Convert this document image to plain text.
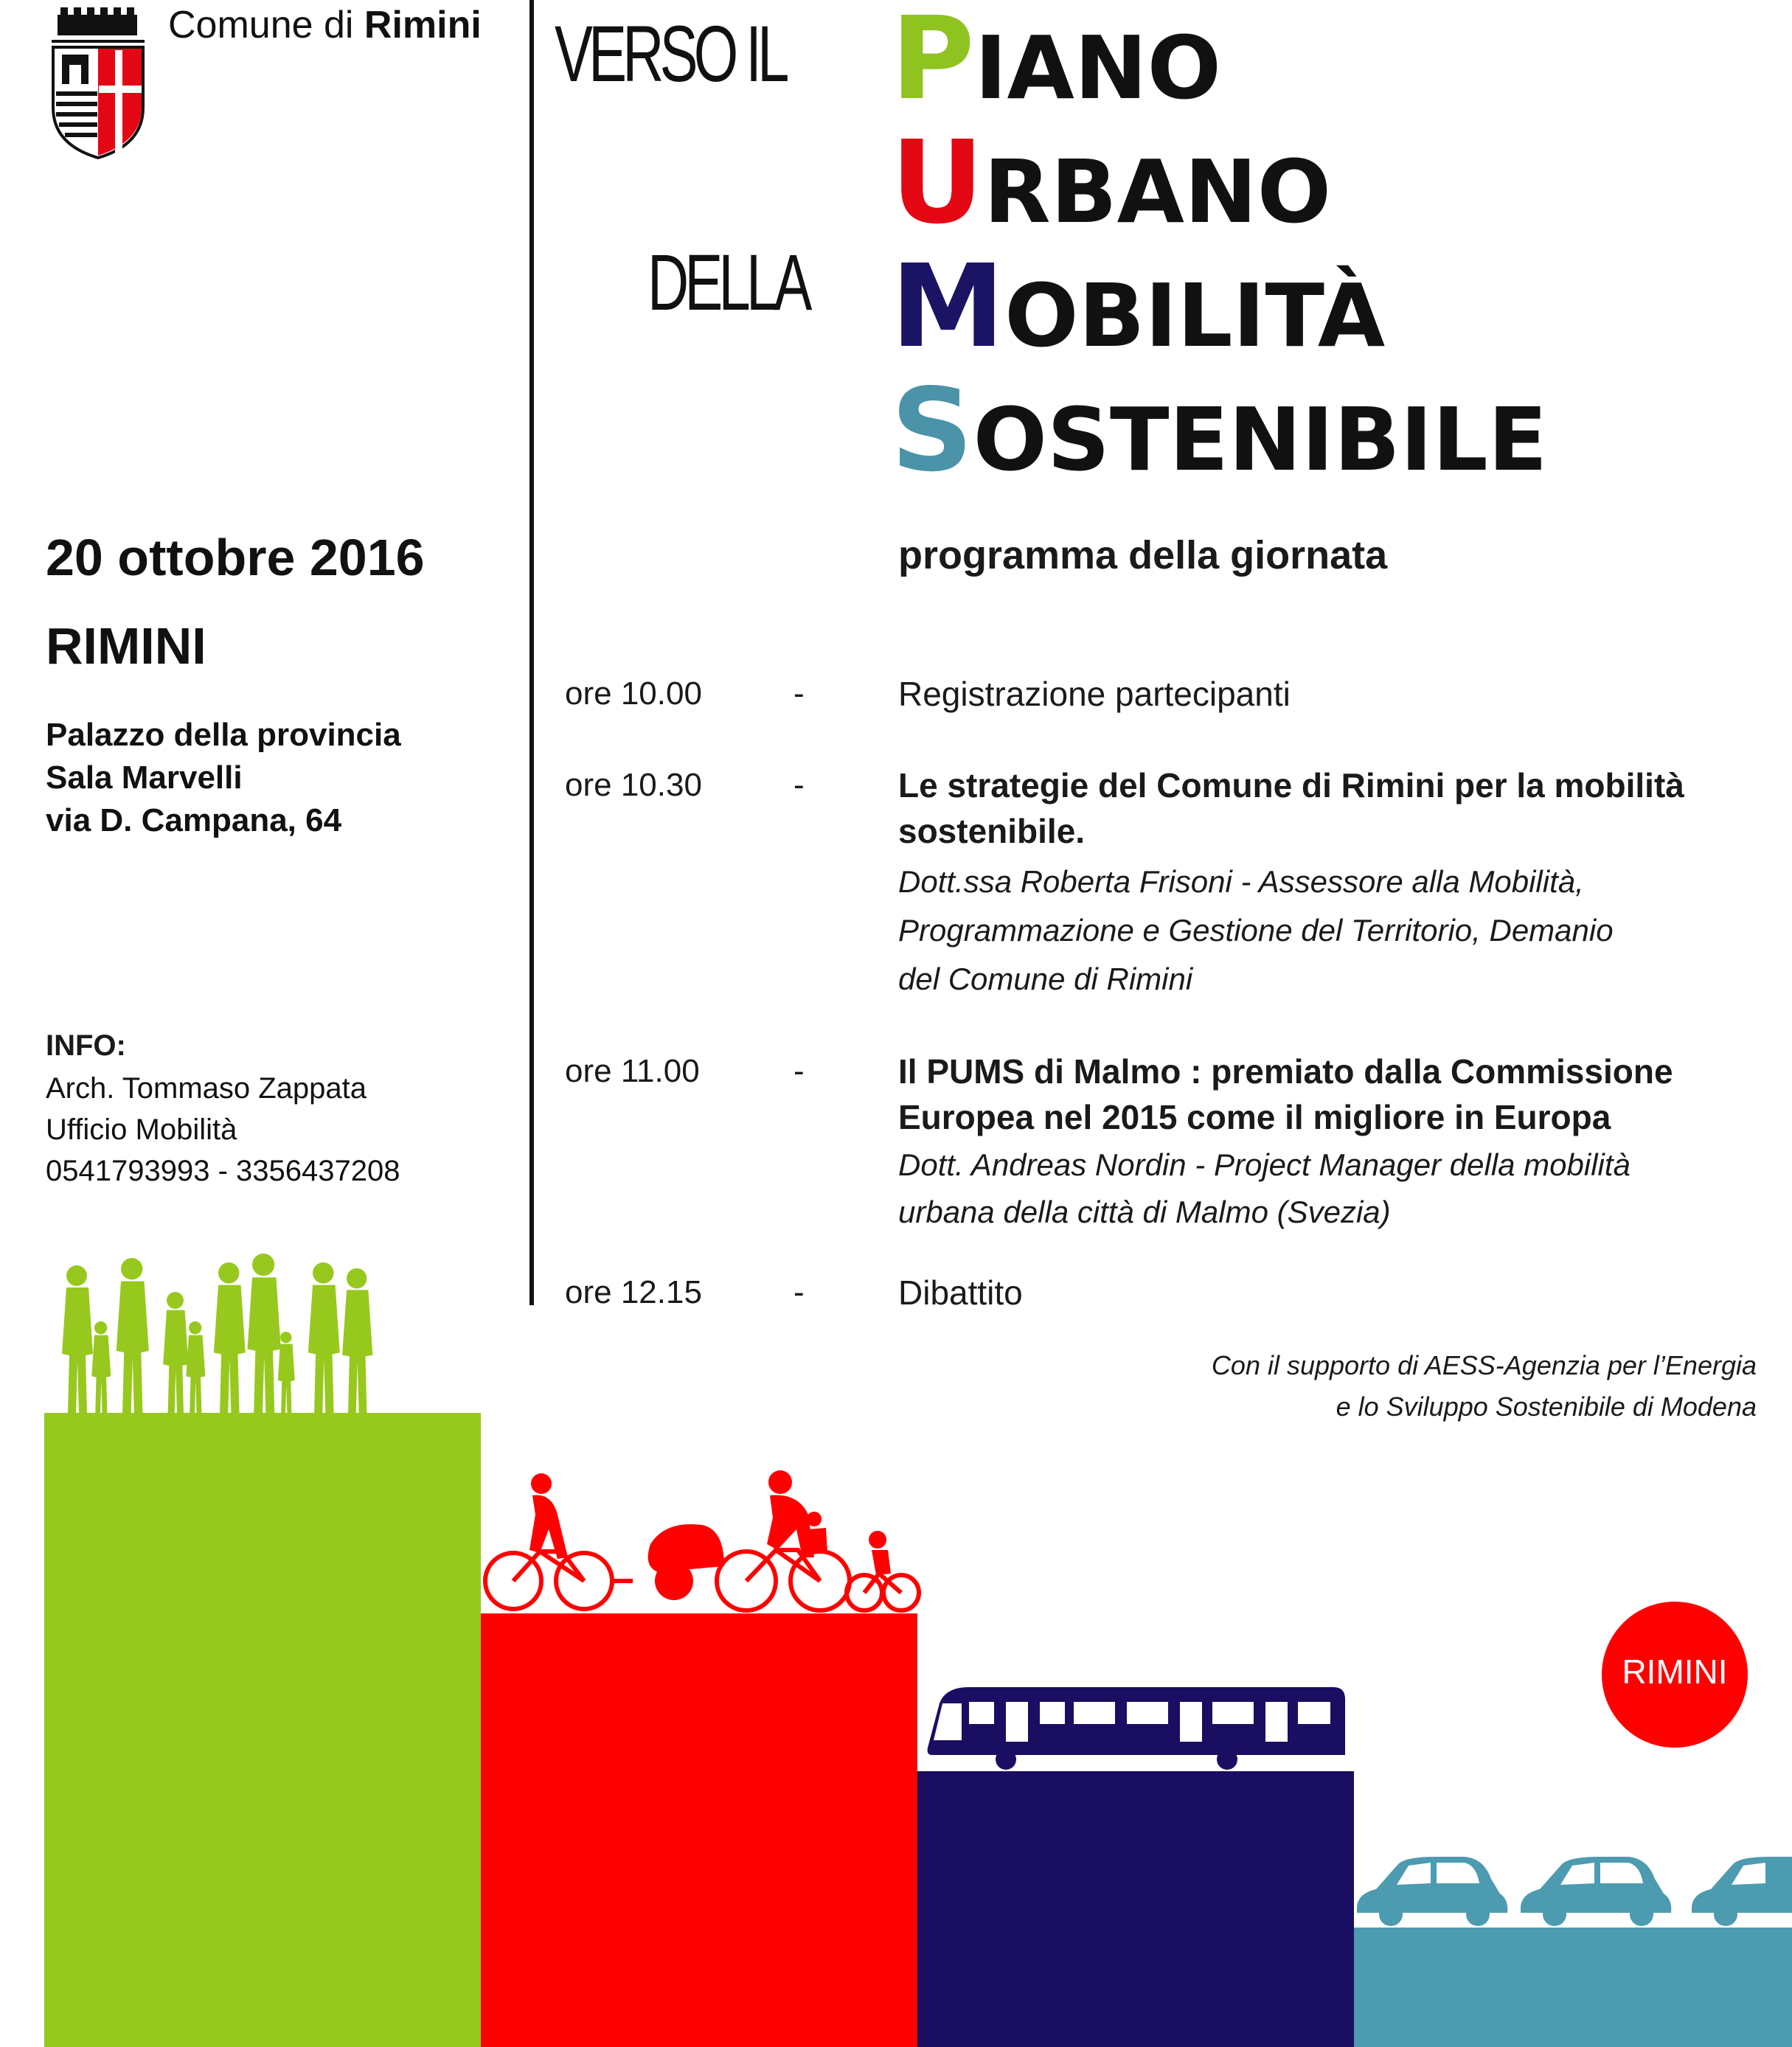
Comune di Rimini VERSO IL
DELLA
PIANO
URBANO
MOBILITÀ
SOSTENIBILE
20 ottobre 2016
RIMINI
Palazzo della provincia
Sala Marvelli
via D. Campana, 64
INFO:
Arch. Tommaso Zappata
Ufficio Mobilità
0541793993 - 3356437208
programma della giornata
ore 10.00	-	Registrazione partecipanti
ore 10.30	-	Le strategie del Comune di Rimini per la mobilità
sostenibile.
Dott.ssa Roberta Frisoni - Assessore alla Mobilità,
Programmazione e Gestione del Territorio, Demanio
del Comune di Rimini
ore 11.00	-	Il PUMS di Malmo : premiato dalla Commissione
Europea nel 2015 come il migliore in Europa
Dott. Andreas Nordin - Project Manager della mobilità
urbana della città di Malmo (Svezia)
ore 12.15	-	Dibattito
Con il supporto di AESS-Agenzia per l’Energia
e lo Sviluppo Sostenibile di Modena
RIMINI
